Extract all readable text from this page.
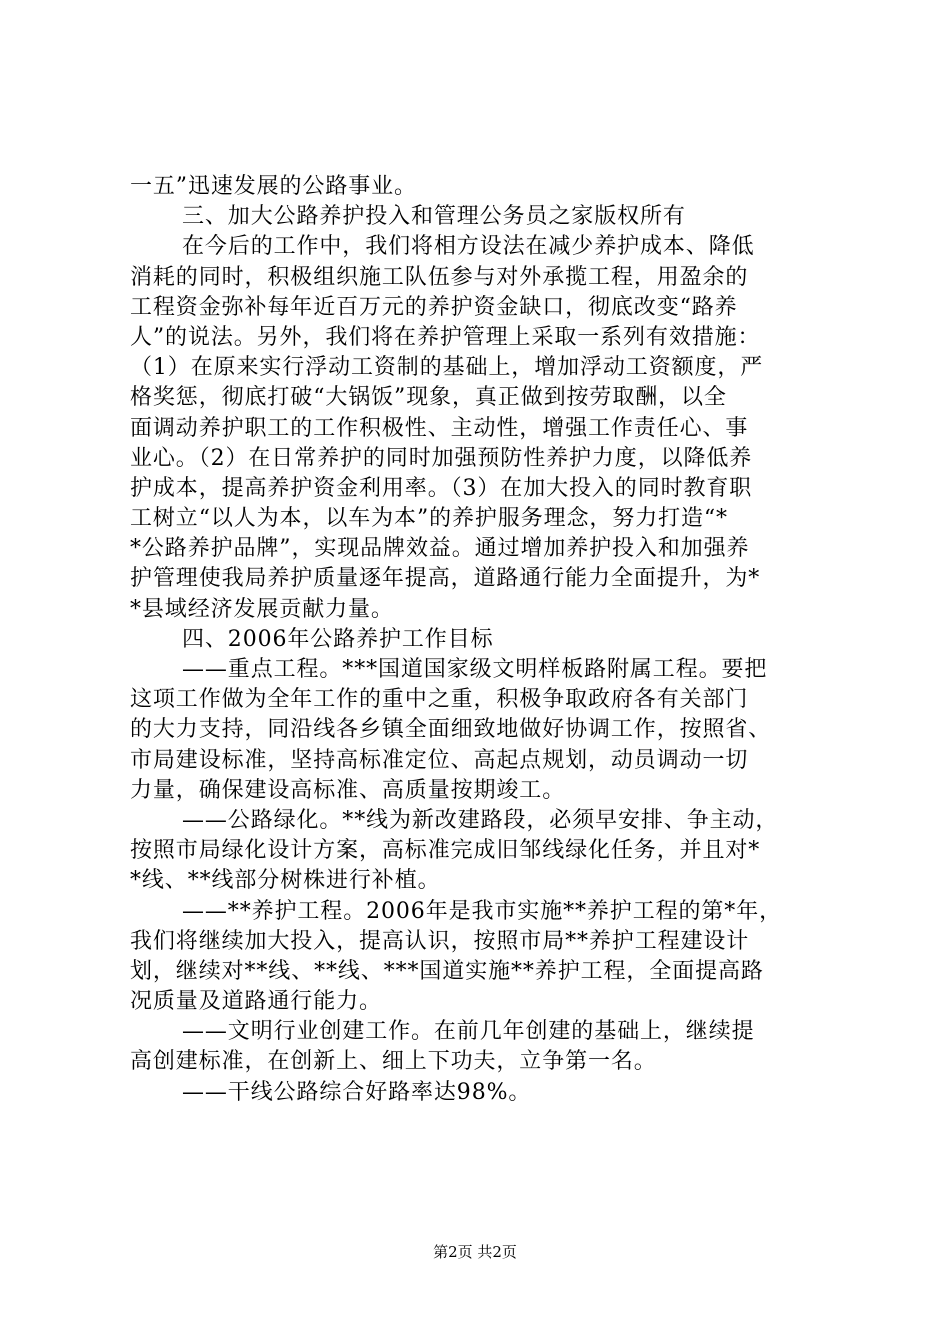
一五”迅速发展的公路事业。
三、加大公路养护投入和管理公务员之家版权所有
在今后的工作中，我们将相方设法在减少养护成本、降低
消耗的同时，积极组织施工队伍参与对外承揽工程，用盈余的
工程资金弥补每年近百万元的养护资金缺口，彻底改变“路养
人”的说法。另外，我们将在养护管理上采取一系列有效措施：
（1）在原来实行浮动工资制的基础上，增加浮动工资额度，严
格奖惩，彻底打破“大锅饭”现象，真正做到按劳取酬，以全
面调动养护职工的工作积极性、主动性，增强工作责任心、事
业心。（2）在日常养护的同时加强预防性养护力度，以降低养
护成本，提高养护资金利用率。（3）在加大投入的同时教育职
工树立“以人为本，以车为本”的养护服务理念，努力打造“*
*公路养护品牌”，实现品牌效益。通过增加养护投入和加强养
护管理使我局养护质量逐年提高，道路通行能力全面提升，为*
*县域经济发展贡献力量。
四、2006年公路养护工作目标
——重点工程。***国道国家级文明样板路附属工程。要把
这项工作做为全年工作的重中之重，积极争取政府各有关部门
的大力支持，同沿线各乡镇全面细致地做好协调工作，按照省、
市局建设标准，坚持高标准定位、高起点规划，动员调动一切
力量，确保建设高标准、高质量按期竣工。
——公路绿化。**线为新改建路段，必须早安排、争主动，
按照市局绿化设计方案，高标准完成旧邹线绿化任务，并且对*
*线、**线部分树株进行补植。
——**养护工程。2006年是我市实施**养护工程的第*年，
我们将继续加大投入，提高认识，按照市局**养护工程建设计
划，继续对**线、**线、***国道实施**养护工程，全面提高路
况质量及道路通行能力。
——文明行业创建工作。在前几年创建的基础上，继续提
高创建标准，在创新上、细上下功夫，立争第一名。
——干线公路综合好路率达98%。
第2页 共2页
